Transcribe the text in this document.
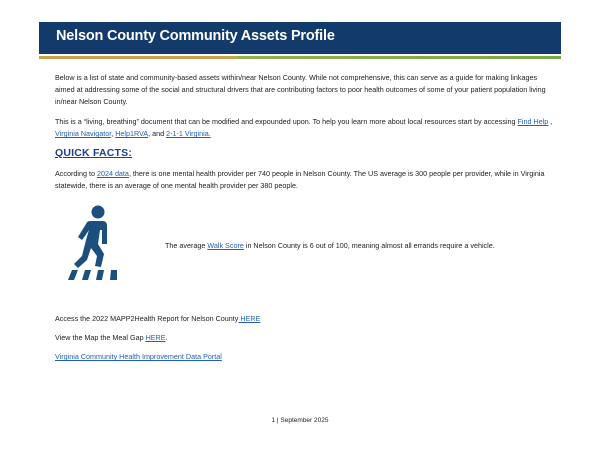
Nelson County Community Assets Profile
Below is a list of state and community-based assets within/near Nelson County. While not comprehensive, this can serve as a guide for making linkages aimed at addressing some of the social and structural drivers that are contributing factors to poor health outcomes of some of your patient population living in/near Nelson County.
This is a “living, breathing” document that can be modified and expounded upon. To help you learn more about local resources start by accessing Find Help , Virginia Navigator, Help1RVA, and 2-1-1 Virginia.
QUICK FACTS:
According to 2024 data, there is one mental health provider per 740 people in Nelson County. The US average is 300 people per provider, while in Virginia statewide, there is an average of one mental health provider per 380 people.
The average Walk Score in Nelson County is 6 out of 100, meaning almost all errands require a vehicle.
Access the 2022 MAPP2Health Report for Nelson County HERE
View the Map the Meal Gap HERE.
Virginia Community Health Improvement Data Portal
1 | September 2025
